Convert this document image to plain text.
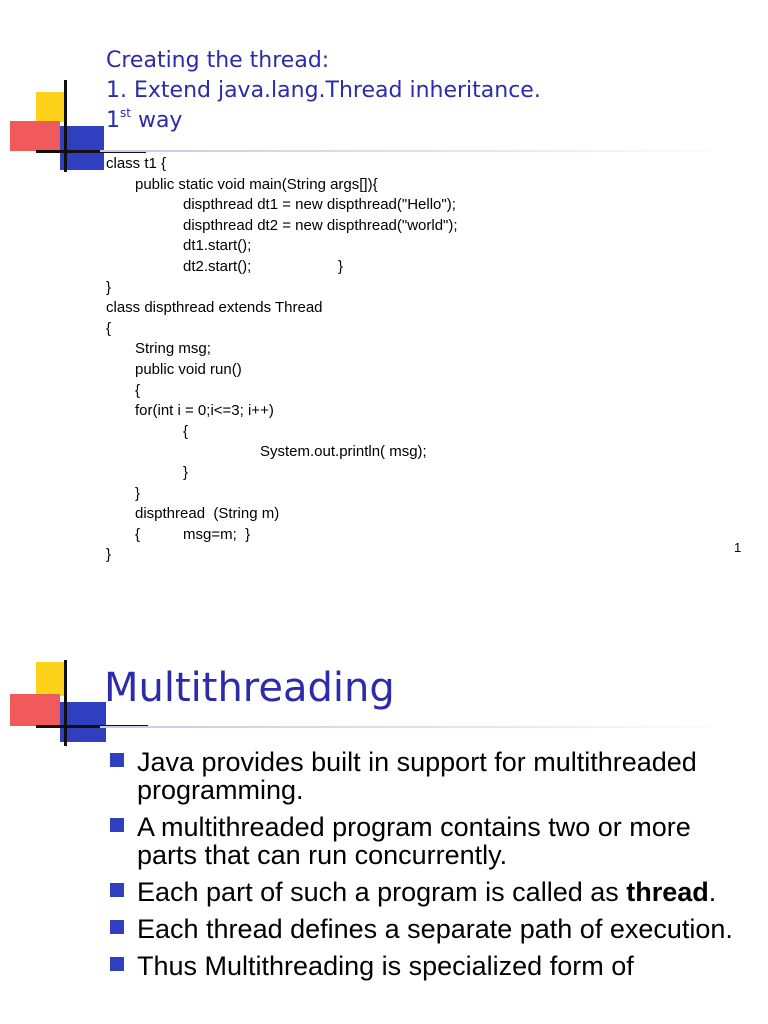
Creating the thread:
1. Extend java.lang.Thread inheritance.
1st way
class t1 {
public static void main(String args[]){
dispthread dt1 = new dispthread("Hello");
dispthread dt2 = new dispthread("world");
dt1.start();
dt2.start();	}
}
class dispthread extends Thread
{
String msg;
public void run()
{
for(int i = 0;i<=3; i++)
{
System.out.println( msg);
}
}
dispthread  (String m)
{	msg=m;  }
}	1
Multithreading
Java provides built in support for multithreaded programming.
A multithreaded program contains two or more parts that can run concurrently.
Each part of such a program is called as thread.
Each thread defines a separate path of execution.
Thus Multithreading is specialized form of
